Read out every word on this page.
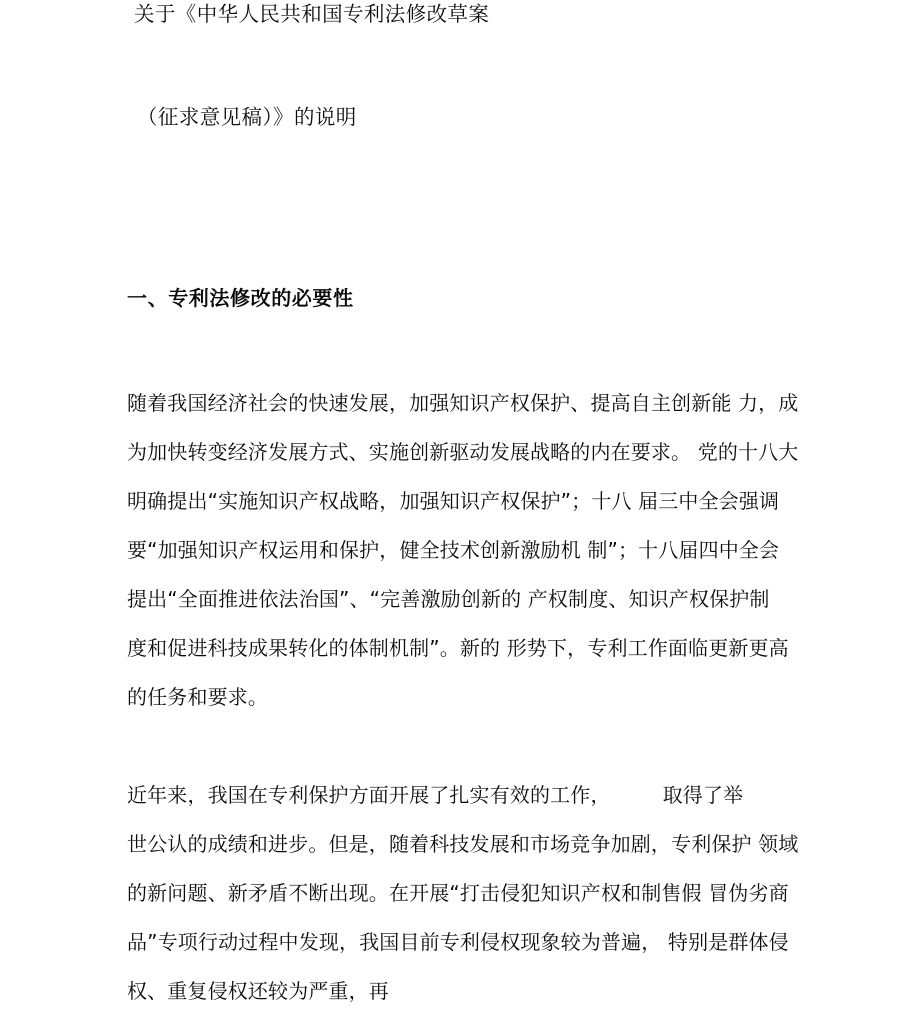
关于《中华人民共和国专利法修改草案
（征求意见稿）》的说明
一、专利法修改的必要性
随着我国经济社会的快速发展，加强知识产权保护、提高自主创新能 力，成
为加快转变经济发展方式、实施创新驱动发展战略的内在要求。 党的十八大
明确提出“实施知识产权战略，加强知识产权保护”；十八 届三中全会强调
要“加强知识产权运用和保护，健全技术创新激励机 制”；十八届四中全会
提出“全面推进依法治国”、“完善激励创新的 产权制度、知识产权保护制
度和促进科技成果转化的体制机制”。新的 形势下，专利工作面临更新更高
的任务和要求。
近年来，我国在专利保护方面开展了扎实有效的工作，        取得了举
世公认的成绩和进步。但是，随着科技发展和市场竞争加剧，专利保护 领域
的新问题、新矛盾不断出现。在开展“打击侵犯知识产权和制售假 冒伪劣商
品”专项行动过程中发现，我国目前专利侵权现象较为普遍， 特别是群体侵
权、重复侵权还较为严重，再
